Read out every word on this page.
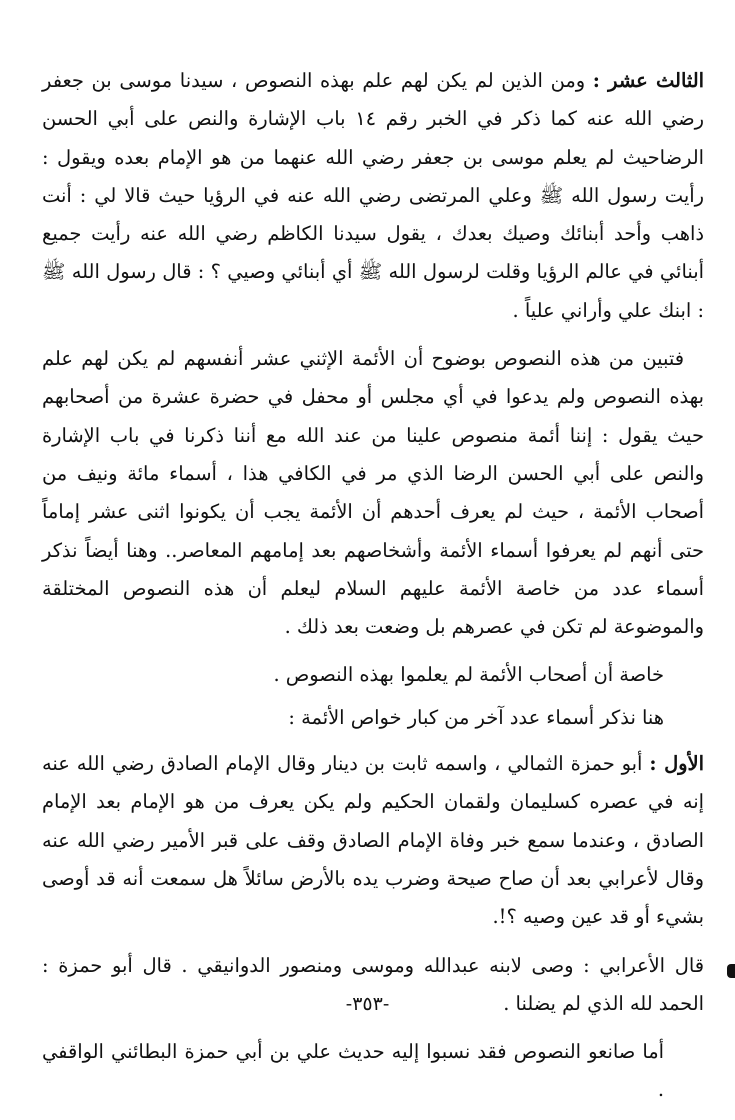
الثالث عشر : ومن الذين لم يكن لهم علم بهذه النصوص ، سيدنا موسى بن جعفر رضي الله عنه كما ذكر في الخبر رقم ١٤ باب الإشارة والنص على أبي الحسن الرضاحيث لم يعلم موسى بن جعفر رضي الله عنهما من هو الإمام بعده ويقول : رأيت رسول الله ﷺ وعلي المرتضى رضي الله عنه في الرؤيا حيث قالا لي : أنت ذاهب وأحد أبنائك وصيك بعدك ، يقول سيدنا الكاظم رضي الله عنه رأيت جميع أبنائي في عالم الرؤيا وقلت لرسول الله ﷺ أي أبنائي وصيي ؟ : قال رسول الله ﷺ : ابنك علي وأراني علياً .

فتبين من هذه النصوص بوضوح أن الأئمة الإثني عشر أنفسهم لم يكن لهم علم بهذه النصوص ولم يدعوا في أي مجلس أو محفل في حضرة عشرة من أصحابهم حيث يقول : إننا أئمة منصوص علينا من عند الله مع أننا ذكرنا في باب الإشارة والنص على أبي الحسن الرضا الذي مر في الكافي هذا ، أسماء مائة ونيف من أصحاب الأئمة ، حيث لم يعرف أحدهم أن الأئمة يجب أن يكونوا اثنى عشر إماماً حتى أنهم لم يعرفوا أسماء الأئمة وأشخاصهم بعد إمامهم المعاصر.. وهنا أيضاً نذكر أسماء عدد من خاصة الأئمة عليهم السلام ليعلم أن هذه النصوص المختلقة والموضوعة لم تكن في عصرهم بل وضعت بعد ذلك .

خاصة أن أصحاب الأئمة لم يعلموا بهذه النصوص .

هنا نذكر أسماء عدد آخر من كبار خواص الأئمة :

الأول : أبو حمزة الثمالي ، واسمه ثابت بن دينار وقال الإمام الصادق رضي الله عنه إنه في عصره كسليمان ولقمان الحكيم ولم يكن يعرف من هو الإمام بعد الإمام الصادق ، وعندما سمع خبر وفاة الإمام الصادق وقف على قبر الأمير رضي الله عنه وقال لأعرابي بعد أن صاح صيحة وضرب يده بالأرض سائلاً هل سمعت أنه قد أوصى بشيء أو قد عين وصيه ؟!.

قال الأعرابي : وصى لابنه عبدالله وموسى ومنصور الدوانيقي . قال أبو حمزة : الحمد لله الذي لم يضلنا .

أما صانعو النصوص فقد نسبوا إليه حديث علي بن أبي حمزة البطائني الواقفي .

-٣٥٣-
